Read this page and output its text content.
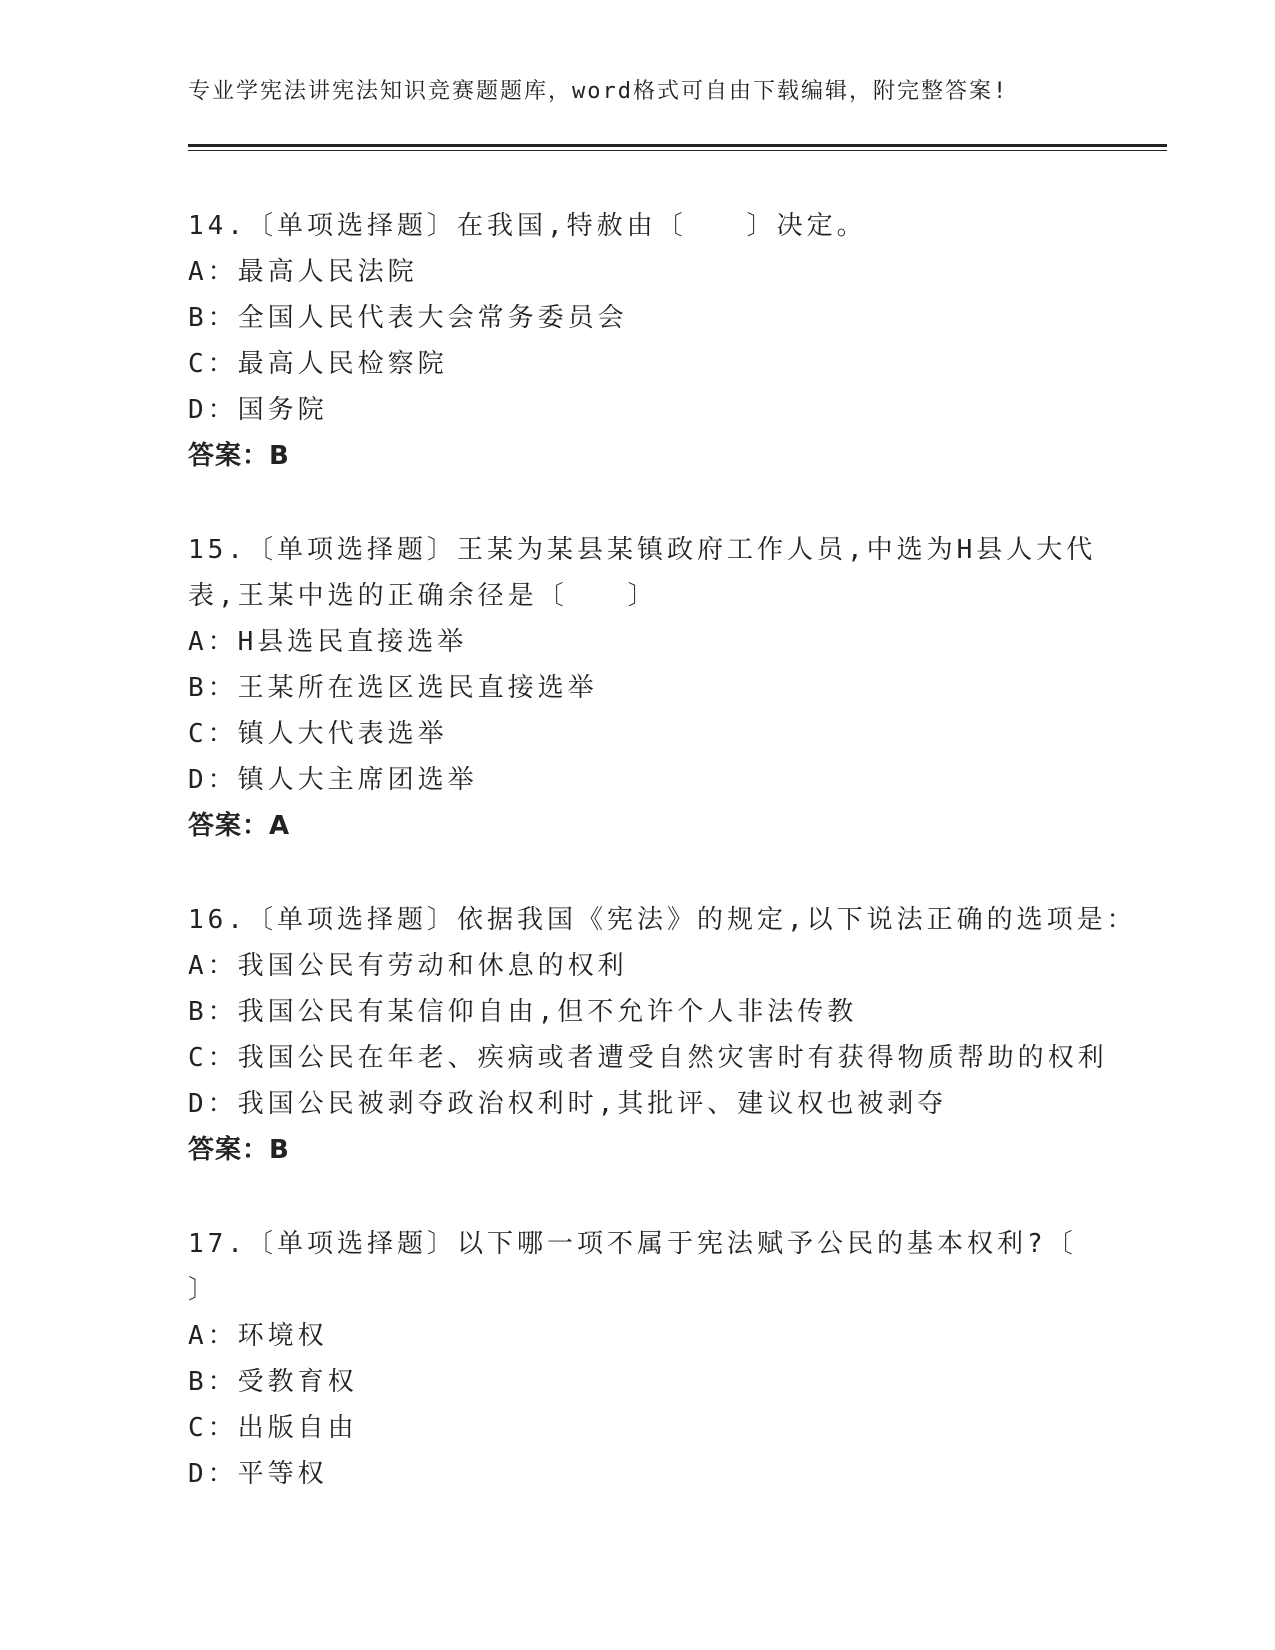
专业学宪法讲宪法知识竞赛题题库，word格式可自由下载编辑，附完整答案!
14.〔单项选择题〕在我国,特赦由〔　　〕决定。
A：最高人民法院
B：全国人民代表大会常务委员会
C：最高人民检察院
D：国务院
答案：B
15.〔单项选择题〕王某为某县某镇政府工作人员,中选为H县人大代
表,王某中选的正确余径是〔　　〕
A：H县选民直接选举
B：王某所在选区选民直接选举
C：镇人大代表选举
D：镇人大主席团选举
答案：A
16.〔单项选择题〕依据我国《宪法》的规定,以下说法正确的选项是：
A：我国公民有劳动和休息的权利
B：我国公民有某信仰自由,但不允许个人非法传教
C：我国公民在年老、疾病或者遭受自然灾害时有获得物质帮助的权利
D：我国公民被剥夺政治权利时,其批评、建议权也被剥夺
答案：B
17.〔单项选择题〕以下哪一项不属于宪法赋予公民的基本权利?〔
〕
A：环境权
B：受教育权
C：出版自由
D：平等权
